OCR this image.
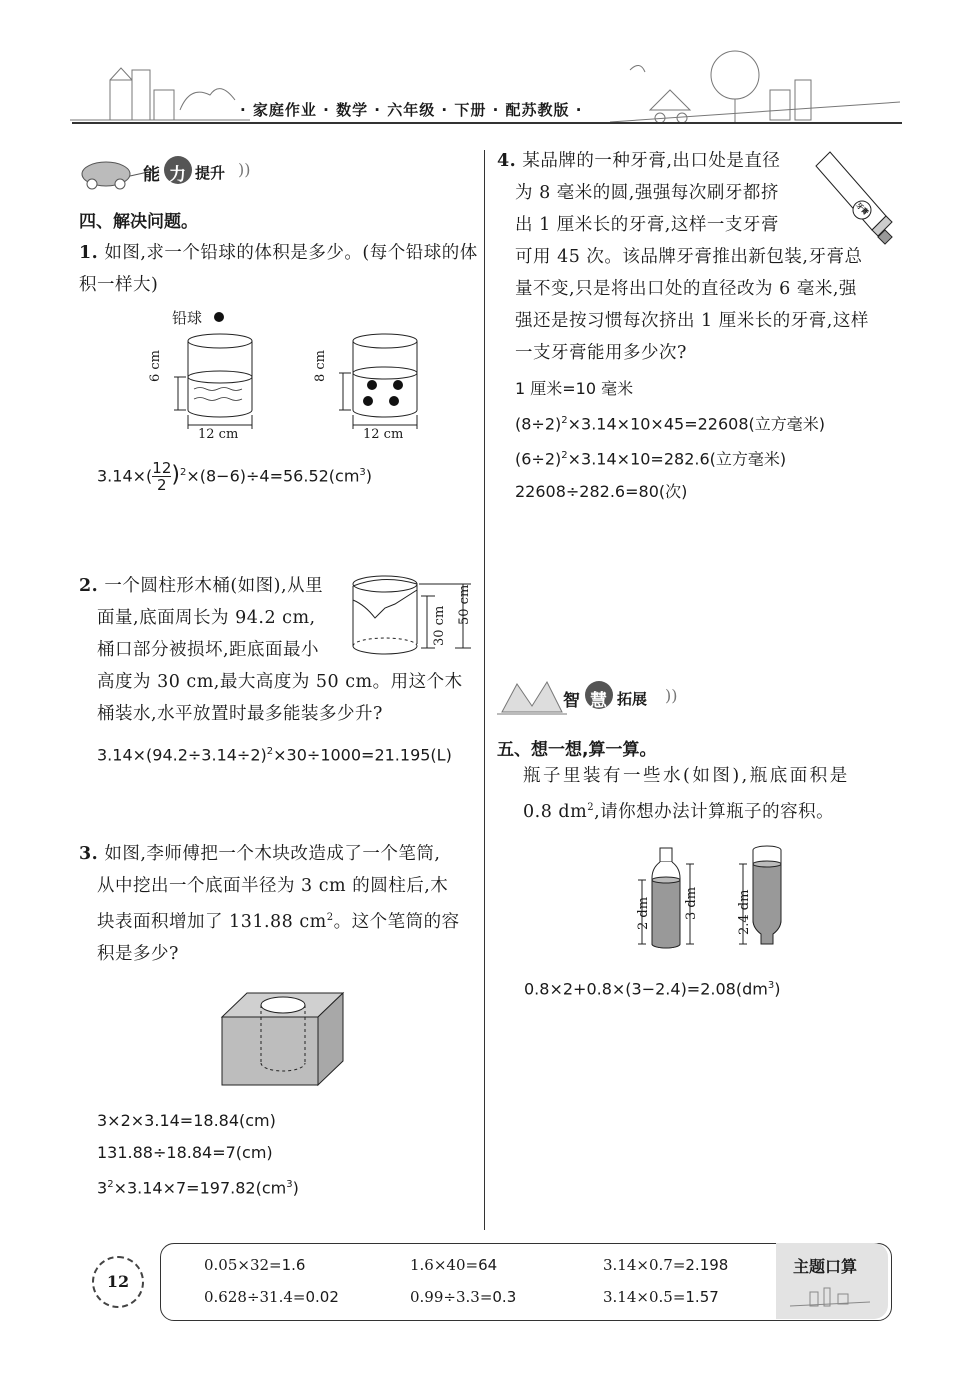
· 家庭作业 · 数学 · 六年级 · 下册 · 配苏教版 ·
能 力 提升 ))
四、解决问题。
1. 如图,求一个铅球的体积是多少。(每个铅球的体积一样大)
铅球
6 cm	8 cm
12 cm	12 cm
$3.14\times( \frac{12}{2} )^2\times(8-6)\div 4=56.52(cm^3)$
2. 一个圆柱形木桶(如图),从里
面量,底面周长为 94.2 cm,
桶口部分被损坏,距底面最小
高度为 30 cm,最大高度为 50 cm。用这个木
桶装水,水平放置时最多能装多少升?
30 cm
50 cm
$3.14\times(94.2\div 3.14\div 2)^2\times 30\div 1000=21.195(L)$
3. 如图,李师傅把一个木块改造成了一个笔筒,
从中挖出一个底面半径为 3 cm 的圆柱后,木
块表面积增加了 131.88 $cm^2$。这个笔筒的容
积是多少?
3×2×3.14=18.84(cm)
131.88÷18.84=7(cm)
$3^2\times 3.14\times 7=197.82(cm^3)$
4. 某品牌的一种牙膏,出口处是直径
为 8 毫米的圆,强强每次刷牙都挤
出 1 厘米长的牙膏,这样一支牙膏
可用 45 次。该品牌牙膏推出新包装,牙膏总
量不变,只是将出口处的直径改为 6 毫米,强
强还是按习惯每次挤出 1 厘米长的牙膏,这样
一支牙膏能用多少次?
牙膏
1 厘米=10 毫米
$(8\div 2)^2\times 3.14\times 10\times 45=22608$(立方毫米)
$(6\div 2)^2\times 3.14\times 10=282.6$(立方毫米)
22608÷282.6=80(次)
智 慧 拓展 ))
五、想一想,算一算。
瓶子里装有一些水(如图),瓶底面积是
0.8 $dm^2$,请你想办法计算瓶子的容积。
2 dm	3 dm	2.4 dm
$0.8\times 2+0.8\times(3-2.4)=2.08(dm^3)$
12
主题口算
0.05×32=1.6	1.6×40=64	3.14×0.7=2.198
0.628÷31.4=0.02	0.99÷3.3=0.3	3.14×0.5=1.57
